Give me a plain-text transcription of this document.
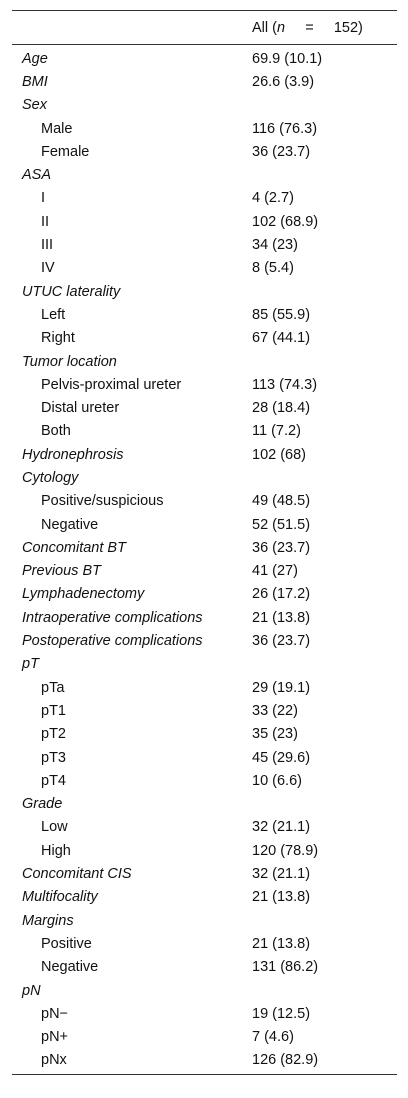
All (n = 152)
Age	69.9 (10.1)
BMI	26.6 (3.9)
Sex
Male	116 (76.3)
Female	36 (23.7)
ASA
I	4 (2.7)
II	102 (68.9)
III	34 (23)
IV	8 (5.4)
UTUC laterality
Left	85 (55.9)
Right	67 (44.1)
Tumor location
Pelvis-proximal ureter	113 (74.3)
Distal ureter	28 (18.4)
Both	11 (7.2)
Hydronephrosis	102 (68)
Cytology
Positive/suspicious	49 (48.5)
Negative	52 (51.5)
Concomitant BT	36 (23.7)
Previous BT	41 (27)
Lymphadenectomy	26 (17.2)
Intraoperative complications	21 (13.8)
Postoperative complications	36 (23.7)
pT
pTa	29 (19.1)
pT1	33 (22)
pT2	35 (23)
pT3	45 (29.6)
pT4	10 (6.6)
Grade
Low	32 (21.1)
High	120 (78.9)
Concomitant CIS	32 (21.1)
Multifocality	21 (13.8)
Margins
Positive	21 (13.8)
Negative	131 (86.2)
pN
pN−	19 (12.5)
pN+	7 (4.6)
pNx	126 (82.9)
